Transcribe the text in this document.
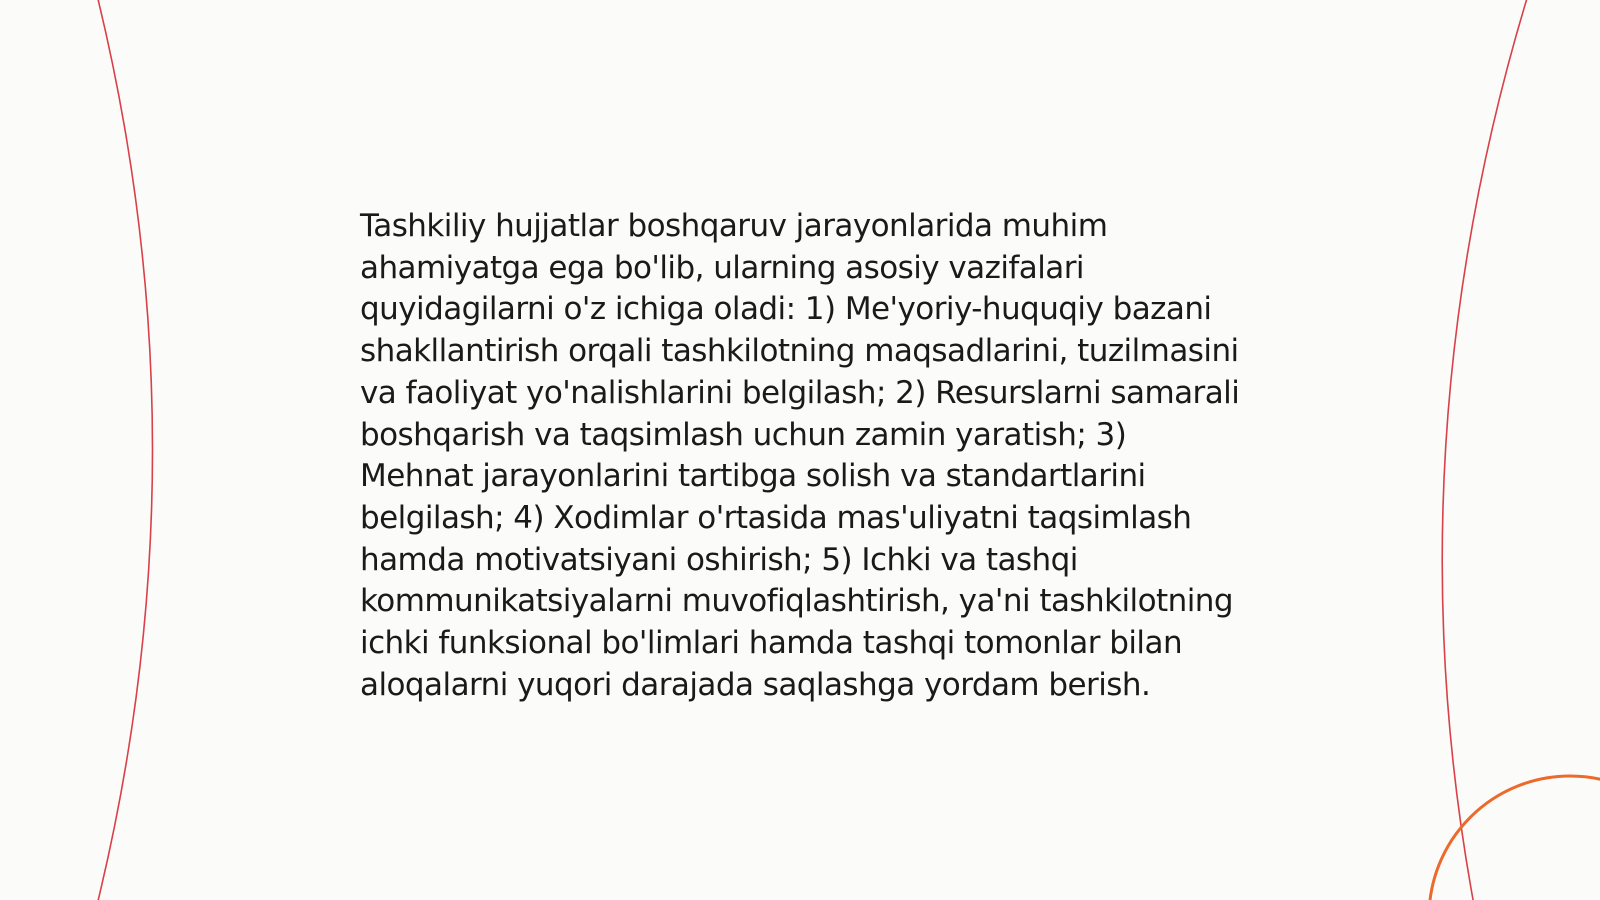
Tashkiliy hujjatlar boshqaruv jarayonlarida muhim ahamiyatga ega bo'lib, ularning asosiy vazifalari quyidagilarni o'z ichiga oladi: 1) Me'yoriy-huquqiy bazani shakllantirish orqali tashkilotning maqsadlarini, tuzilmasini va faoliyat yo'nalishlarini belgilash; 2) Resurslarni samarali boshqarish va taqsimlash uchun zamin yaratish; 3) Mehnat jarayonlarini tartibga solish va standartlarini belgilash; 4) Xodimlar o'rtasida mas'uliyatni taqsimlash hamda motivatsiyani oshirish; 5) Ichki va tashqi kommunikatsiyalarni muvofiqlashtirish, ya'ni tashkilotning ichki funksional bo'limlari hamda tashqi tomonlar bilan aloqalarni yuqori darajada saqlashga yordam berish.
